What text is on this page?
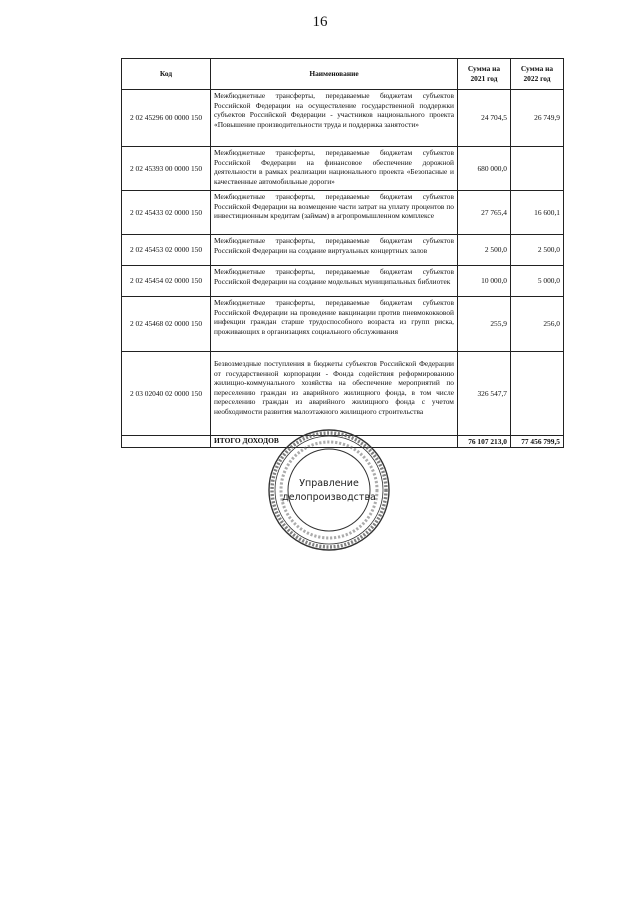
16
Код	Наименование	Сумма на 2021 год	Сумма на 2022 год
2 02 45296 00 0000 150	Межбюджетные трансферты, передаваемые бюджетам субъектов Российской Федерации на осуществление государственной поддержки субъектов Российской Федерации - участников национального проекта «Повышение производительности труда и поддержка занятости»	24 704,5	26 749,9
2 02 45393 00 0000 150	Межбюджетные трансферты, передаваемые бюджетам субъектов Российской Федерации на финансовое обеспечение дорожной деятельности в рамках реализации национального проекта «Безопасные и качественные автомобильные дороги»	680 000,0	
2 02 45433 02 0000 150	Межбюджетные трансферты, передаваемые бюджетам субъектов Российской Федерации на возмещение части затрат на уплату процентов по инвестиционным кредитам (займам) в агропромышленном комплексе	27 765,4	16 600,1
2 02 45453 02 0000 150	Межбюджетные трансферты, передаваемые бюджетам субъектов Российской Федерации на создание виртуальных концертных залов	2 500,0	2 500,0
2 02 45454 02 0000 150	Межбюджетные трансферты, передаваемые бюджетам субъектов Российской Федерации на создание модельных муниципальных библиотек	10 000,0	5 000,0
2 02 45468 02 0000 150	Межбюджетные трансферты, передаваемые бюджетам субъектов Российской Федерации на проведение вакцинации против пневмококковой инфекции граждан старше трудоспособного возраста из групп риска, проживающих в организациях социального обслуживания	255,9	256,0
2 03 02040 02 0000 150	Безвозмездные поступления в бюджеты субъектов Российской Федерации от государственной корпорации - Фонда содействия реформированию жилищно-коммунального хозяйства на обеспечение мероприятий по переселению граждан из аварийного жилищного фонда, в том числе переселению граждан из аварийного жилищного фонда с учетом необходимости развития малоэтажного жилищного строительства	326 547,7	
	ИТОГО ДОХОДОВ	76 107 213,0	77 456 799,5
Управление
делопроизводства
